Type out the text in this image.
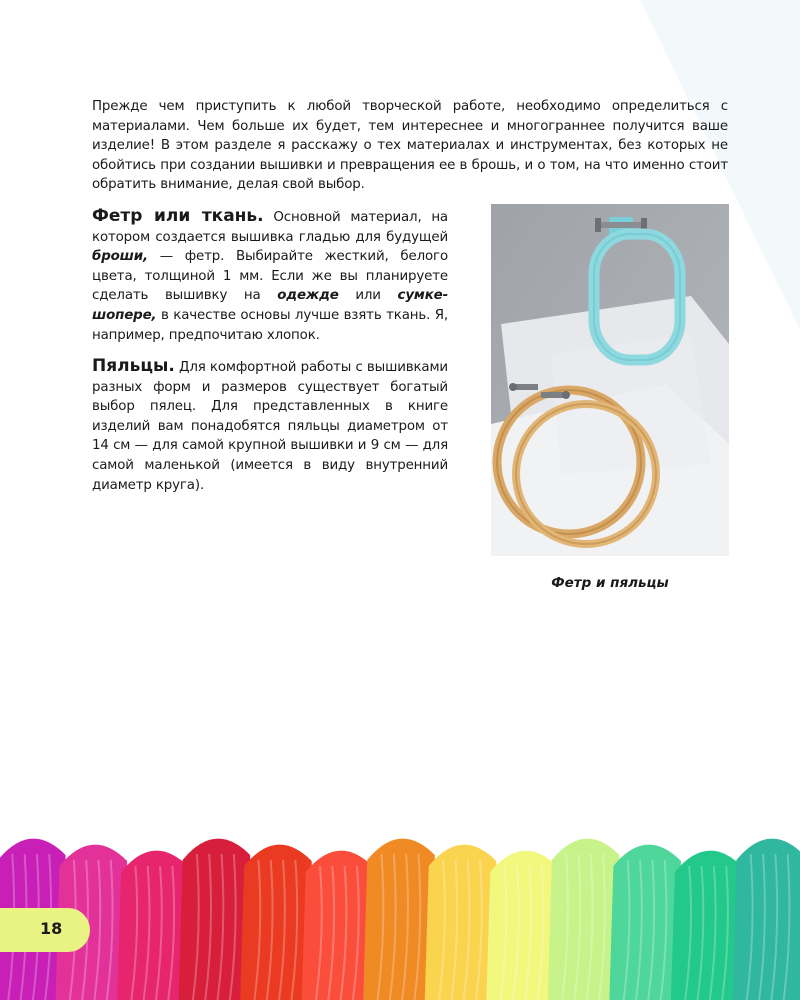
Прежде чем приступить к любой творческой работе, необходимо определиться с материалами. Чем больше их будет, тем интереснее и многограннее получится ваше изделие! В этом разделе я расскажу о тех материалах и инструментах, без которых не обойтись при создании вышивки и превращения ее в брошь, и о том, на что именно стоит обратить внимание, делая свой выбор.

Фетр или ткань. Основной материал, на котором создается вышивка гладью для будущей броши, — фетр. Выбирайте жесткий, белого цвета, толщиной 1 мм. Если же вы планируете сделать вышивку на одежде или сумке-шопере, в качестве основы лучше взять ткань. Я, например, предпочитаю хлопок.

Пяльцы. Для комфортной работы с вышивками разных форм и размеров существует богатый выбор пялец. Для представленных в книге изделий вам понадобятся пяльцы диаметром от 14 см — для самой крупной вышивки и 9 см — для самой маленькой (имеется в виду внутренний диаметр круга).

Фетр и пяльцы

18
